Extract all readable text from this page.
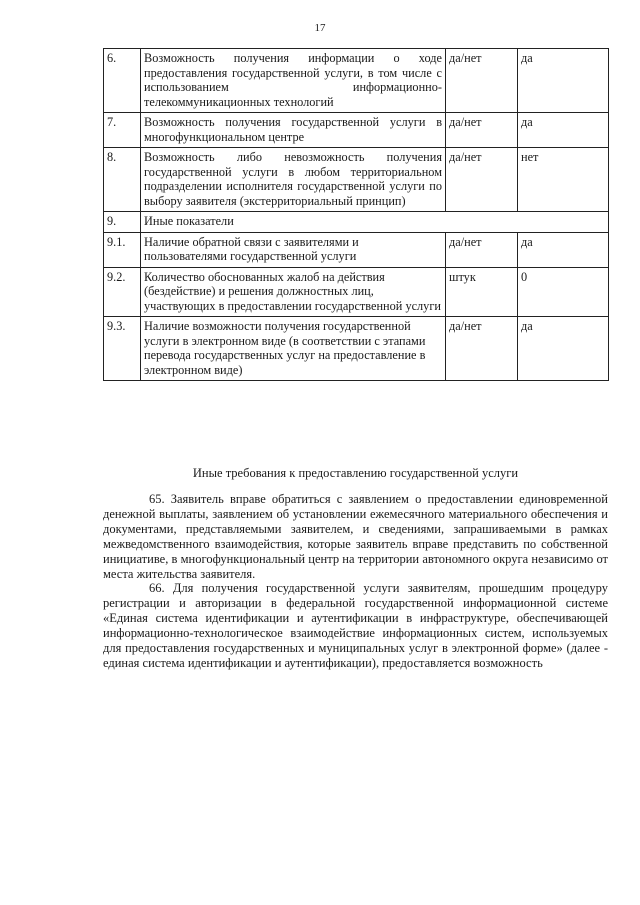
17
6.	Возможность получения информации о ходе предоставления государственной услуги, в том числе с использованием информационно-телекоммуникационных технологий	да/нет	да
7.	Возможность получения государственной услуги в многофункциональном центре	да/нет	да
8.	Возможность либо невозможность получения государственной услуги в любом территориальном подразделении исполнителя государственной услуги по выбору заявителя (экстерриториальный принцип)	да/нет	нет
9.	Иные показатели		
9.1.	Наличие обратной связи с заявителями и пользователями государственной услуги	да/нет	да
9.2.	Количество обоснованных жалоб на действия (бездействие) и решения должностных лиц, участвующих в предоставлении государственной услуги	штук	0
9.3.	Наличие возможности получения государственной услуги в электронном виде (в соответствии с этапами перевода государственных услуг на предоставление в электронном виде)	да/нет	да
Иные требования к предоставлению государственной услуги

65. Заявитель вправе обратиться с заявлением о предоставлении единовременной денежной выплаты, заявлением об установлении ежемесячного материального обеспечения и документами, представляемыми заявителем, и сведениями, запрашиваемыми в рамках межведомственного взаимодействия, которые заявитель вправе представить по собственной инициативе, в многофункциональный центр на территории автономного округа независимо от места жительства заявителя.

66. Для получения государственной услуги заявителям, прошедшим процедуру регистрации и авторизации в федеральной государственной информационной системе «Единая система идентификации и аутентификации в инфраструктуре, обеспечивающей информационно-технологическое взаимодействие информационных систем, используемых для предоставления государственных и муниципальных услуг в электронной форме» (далее - единая система идентификации и аутентификации), предоставляется возможность
